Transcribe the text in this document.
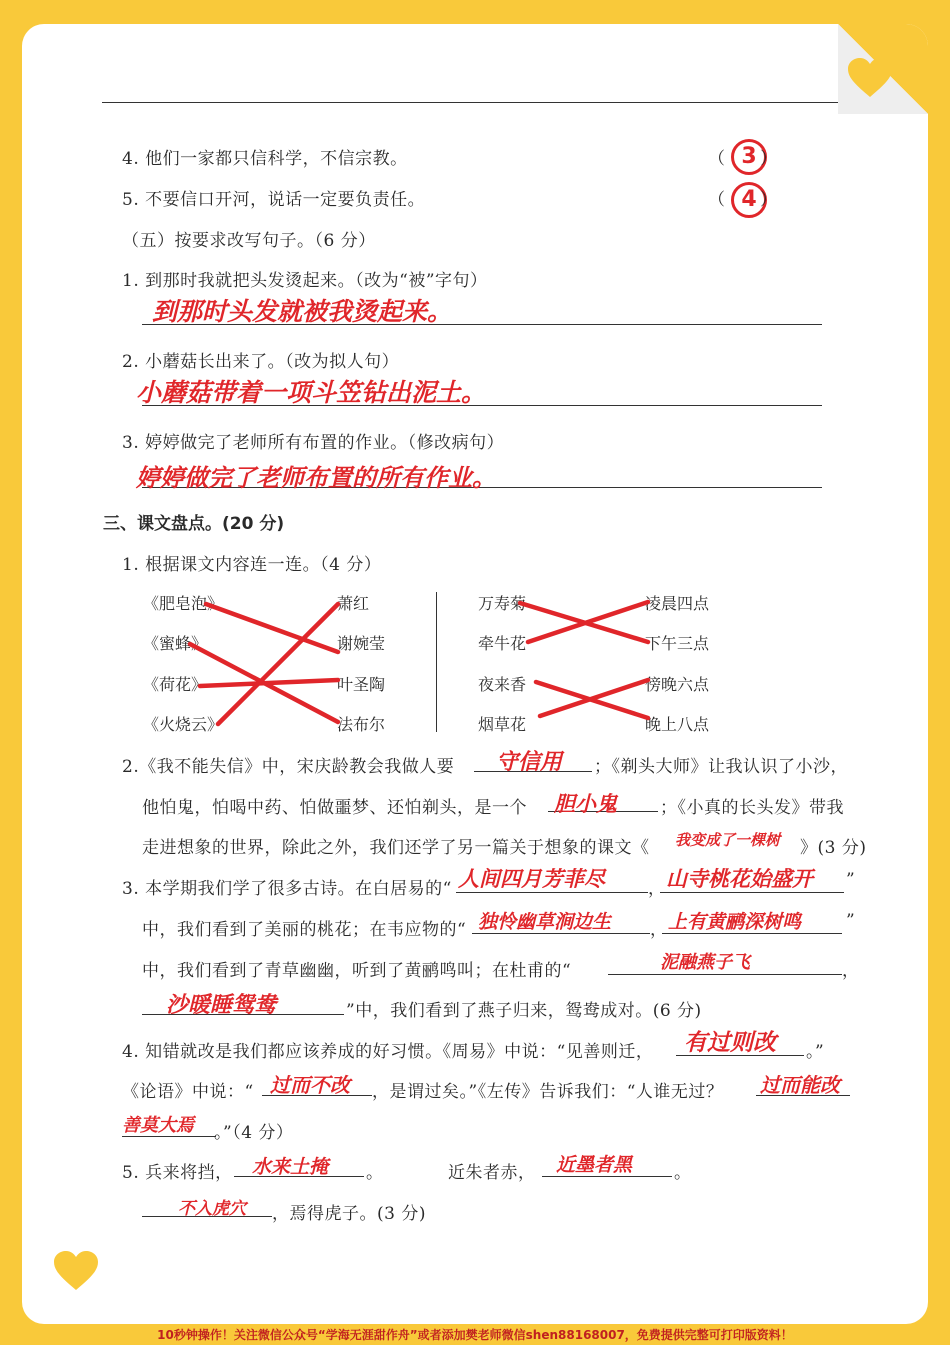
4. 他们一家都只信科学，不信宗教。	（ 3 ）
5. 不要信口开河，说话一定要负责任。	（ 4 ）
（五）按要求改写句子。（6 分）
1. 到那时我就把头发烫起来。（改为“被”字句）
到那时头发就被我烫起来。
2. 小蘑菇长出来了。（改为拟人句）
小蘑菇带着一项斗笠钻出泥土。
3. 婷婷做完了老师所有布置的作业。（修改病句）
婷婷做完了老师布置的所有作业。
三、课文盘点。(20 分)
1. 根据课文内容连一连。（4 分）
《肥皂泡》
《蜜蜂》
《荷花》
《火烧云》
萧红
谢婉莹
叶圣陶
法布尔
万寿菊
牵牛花
夜来香
烟草花
凌晨四点
下午三点
傍晚六点
晚上八点
2.《我不能失信》中，宋庆龄教会我做人要 守信用 ；《剃头大师》让我认识了小沙，
他怕鬼，怕喝中药、怕做噩梦、还怕剃头，是一个 胆小鬼	；《小真的长头发》带我
走进想象的世界，除此之外，我们还学了另一篇关于想象的课文《 我变成了一棵树 》(3 分)
3. 本学期我们学了很多古诗。在白居易的“ 人间四月芳菲尽	， 山寺桃花始盛开 ”
中，我们看到了美丽的桃花；在韦应物的“ 独怜幽草涧边生 ， 上有黄鹂深树鸣	”
中，我们看到了青草幽幽，听到了黄鹂鸣叫；在杜甫的“	泥融燕子飞	，
沙暖睡鸳鸯	”中，我们看到了燕子归来，鸳鸯成对。(6 分)
4. 知错就改是我们都应该养成的好习惯。《周易》中说：“见善则迁， 有过则改 。”
《论语》中说：“ 过而不改 ，是谓过矣。”《左传》告诉我们：“人谁无过？ 过而能改
善莫大焉 。”（4 分）
5. 兵来将挡， 水来土掩 。	近朱者赤， 近墨者黑 。
不入虎穴 ，焉得虎子。(3 分)
10秒钟操作！关注微信公众号“学海无涯甜作舟”或者添加樊老师微信shen88168007，免费提供完整可打印版资料！
